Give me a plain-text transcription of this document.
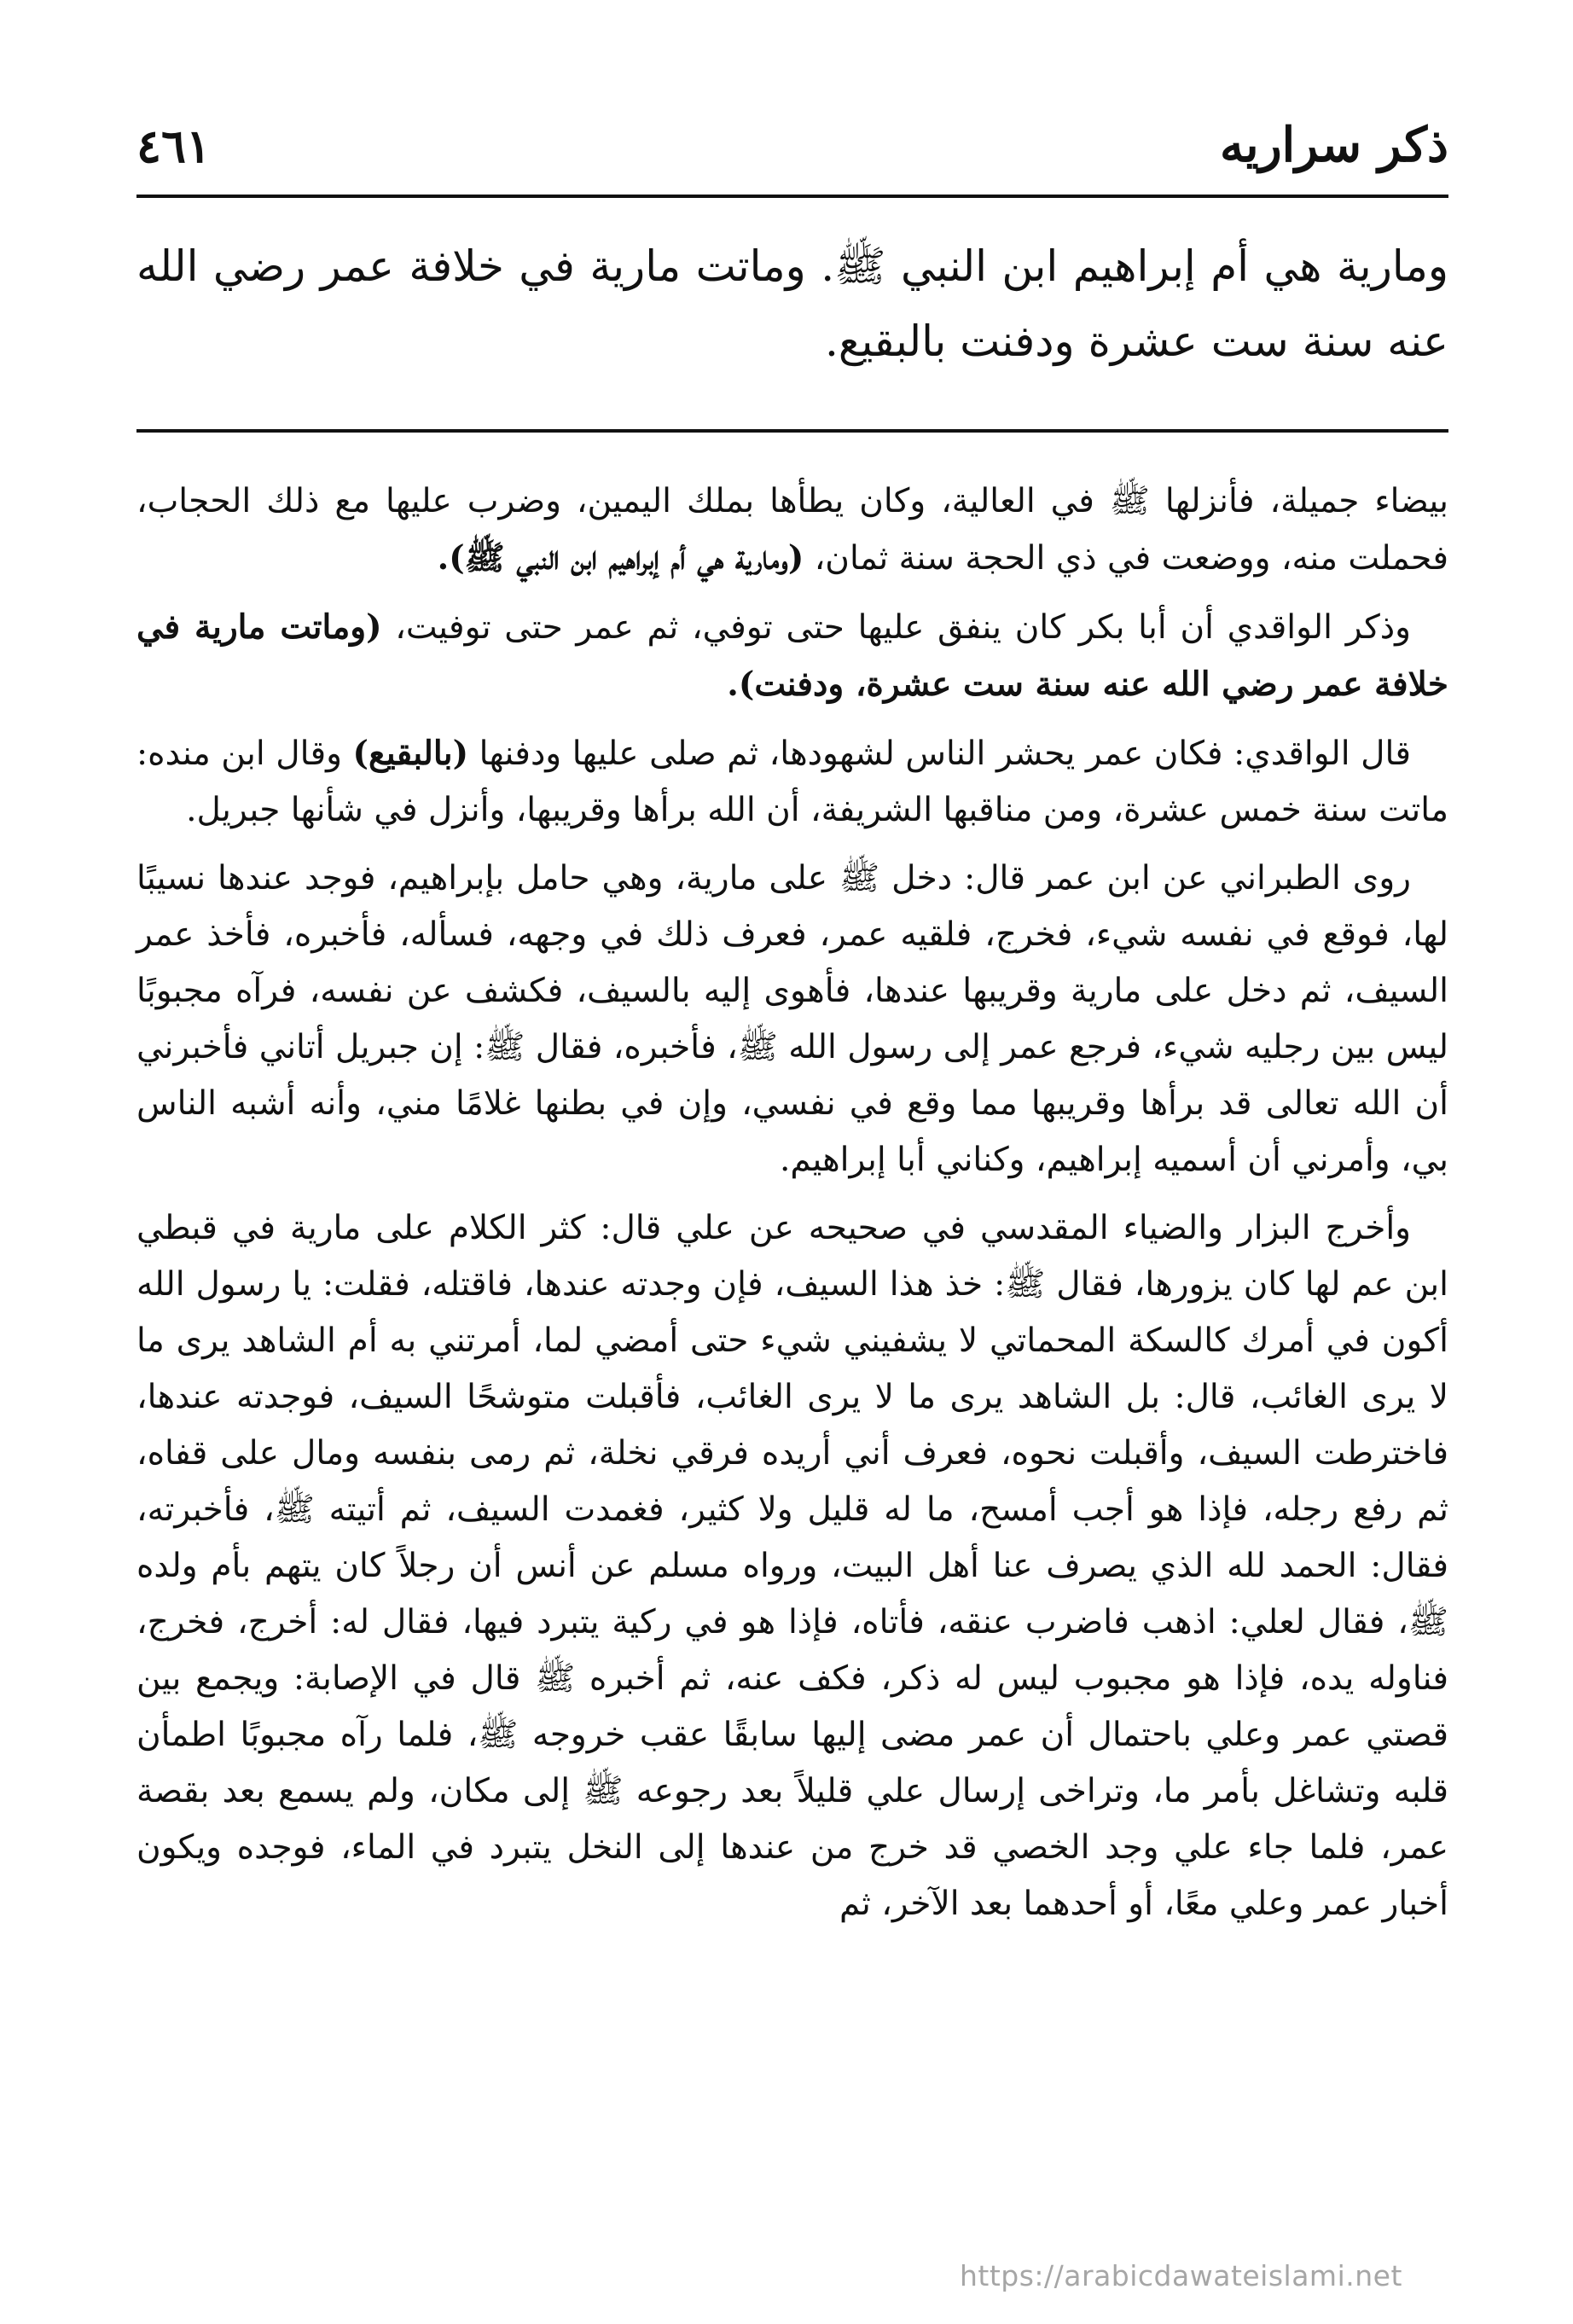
ذكر سراريه
٤٦١
ومارية هي أم إبراهيم ابن النبي ﷺ. وماتت مارية في خلافة عمر رضي الله عنه سنة ست عشرة ودفنت بالبقيع.

بيضاء جميلة، فأنزلها ﷺ في العالية، وكان يطأها بملك اليمين، وضرب عليها مع ذلك الحجاب، فحملت منه، ووضعت في ذي الحجة سنة ثمان، (ومارية هي أم إبراهيم ابن النبي ﷺ).

وذكر الواقدي أن أبا بكر كان ينفق عليها حتى توفي، ثم عمر حتى توفيت، (وماتت مارية في خلافة عمر رضي الله عنه سنة ست عشرة، ودفنت).

قال الواقدي: فكان عمر يحشر الناس لشهودها، ثم صلى عليها ودفنها (بالبقيع) وقال ابن منده: ماتت سنة خمس عشرة، ومن مناقبها الشريفة، أن الله برأها وقريبها، وأنزل في شأنها جبريل.

روى الطبراني عن ابن عمر قال: دخل ﷺ على مارية، وهي حامل بإبراهيم، فوجد عندها نسيبًا لها، فوقع في نفسه شيء، فخرج، فلقيه عمر، فعرف ذلك في وجهه، فسأله، فأخبره، فأخذ عمر السيف، ثم دخل على مارية وقريبها عندها، فأهوى إليه بالسيف، فكشف عن نفسه، فرآه مجبوبًا ليس بين رجليه شيء، فرجع عمر إلى رسول الله ﷺ، فأخبره، فقال ﷺ: إن جبريل أتاني فأخبرني أن الله تعالى قد برأها وقريبها مما وقع في نفسي، وإن في بطنها غلامًا مني، وأنه أشبه الناس بي، وأمرني أن أسميه إبراهيم، وكناني أبا إبراهيم.

وأخرج البزار والضياء المقدسي في صحيحه عن علي قال: كثر الكلام على مارية في قبطي ابن عم لها كان يزورها، فقال ﷺ: خذ هذا السيف، فإن وجدته عندها، فاقتله، فقلت: يا رسول الله أكون في أمرك كالسكة المحماتي لا يشفيني شيء حتى أمضي لما، أمرتني به أم الشاهد يرى ما لا يرى الغائب، قال: بل الشاهد يرى ما لا يرى الغائب، فأقبلت متوشحًا السيف، فوجدته عندها، فاخترطت السيف، وأقبلت نحوه، فعرف أني أريده فرقي نخلة، ثم رمى بنفسه ومال على قفاه، ثم رفع رجله، فإذا هو أجب أمسح، ما له قليل ولا كثير، فغمدت السيف، ثم أتيته ﷺ، فأخبرته، فقال: الحمد لله الذي يصرف عنا أهل البيت، ورواه مسلم عن أنس أن رجلاً كان يتهم بأم ولده ﷺ، فقال لعلي: اذهب فاضرب عنقه، فأتاه، فإذا هو في ركية يتبرد فيها، فقال له: أخرج، فخرج، فناوله يده، فإذا هو مجبوب ليس له ذكر، فكف عنه، ثم أخبره ﷺ قال في الإصابة: ويجمع بين قصتي عمر وعلي باحتمال أن عمر مضى إليها سابقًا عقب خروجه ﷺ، فلما رآه مجبوبًا اطمأن قلبه وتشاغل بأمر ما، وتراخى إرسال علي قليلاً بعد رجوعه ﷺ إلى مكان، ولم يسمع بعد بقصة عمر، فلما جاء علي وجد الخصي قد خرج من عندها إلى النخل يتبرد في الماء، فوجده ويكون أخبار عمر وعلي معًا، أو أحدهما بعد الآخر، ثم

https://arabicdawateislami.net
